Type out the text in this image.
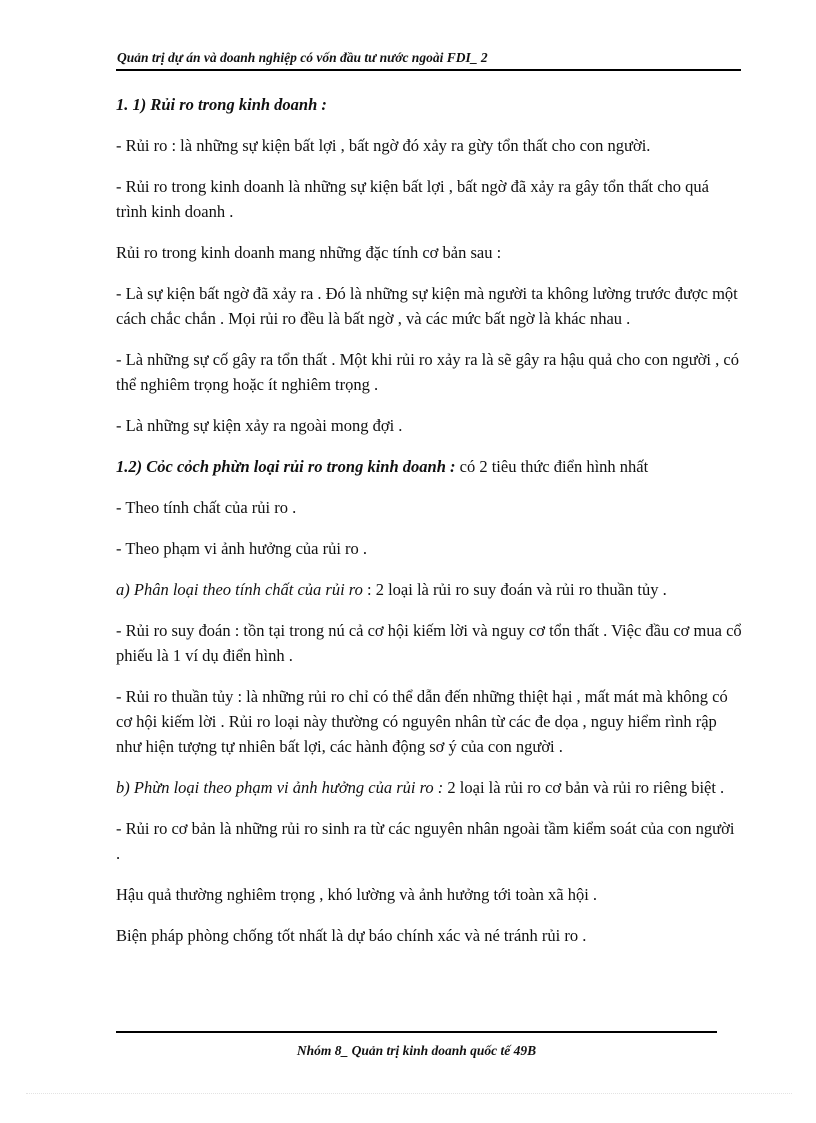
Quản trị dự án và doanh nghiệp có vốn đầu tư nước ngoài FDI_ 2

1. 1) Rủi ro trong kinh doanh :

- Rủi ro : là những sự kiện bất lợi , bất ngờ đó xảy ra gừy tổn thất cho con người.

- Rủi ro trong kinh doanh là những sự kiện bất lợi , bất ngờ đã xảy ra gây tổn thất cho quá trình kinh doanh .

Rủi ro trong kinh doanh mang những đặc tính cơ bản sau :

- Là sự kiện bất ngờ đã xảy ra . Đó là những sự kiện mà người ta không lường trước được một cách chắc chắn . Mọi rủi ro đều là bất ngờ , và các mức bất ngờ là khác nhau .

- Là những sự cố gây ra tổn thất . Một khi rủi ro xảy ra là sẽ gây ra hậu quả cho con người , có thể nghiêm trọng hoặc ít nghiêm trọng .

- Là những sự kiện xảy ra ngoài mong đợi .

1.2) Cỏc cỏch phừn loại rủi ro trong kinh doanh : có 2 tiêu thức điển hình nhất

- Theo tính chất của rủi ro .

- Theo phạm vi ảnh hưởng của rủi ro .

a) Phân loại theo tính chất của rủi ro : 2 loại là rủi ro suy đoán và rủi ro thuần tủy .

- Rủi ro suy đoán : tồn tại trong nú cả cơ hội kiếm lời và nguy cơ tổn thất . Việc đầu cơ mua cổ phiếu là 1 ví dụ điển hình .

- Rủi ro thuần tủy : là những rủi ro chỉ có thể dẫn đến những thiệt hại , mất mát mà không có cơ hội kiếm lời . Rủi ro loại này thường có nguyên nhân từ các đe dọa , nguy hiểm rình rập như hiện tượng tự nhiên bất lợi, các hành động sơ ý của con người .

b) Phừn loại theo phạm vi ảnh hưởng của rủi ro : 2 loại là rủi ro cơ bản và rủi ro riêng biệt .

- Rủi ro cơ bản là những rủi ro sinh ra từ các nguyên nhân ngoài tầm kiểm soát của con người .

Hậu quả thường nghiêm trọng , khó lường và ảnh hưởng tới toàn xã hội .

Biện pháp phòng chống tốt nhất là dự báo chính xác và né tránh rủi ro .

Nhóm 8_ Quản trị kinh doanh quốc tế 49B
